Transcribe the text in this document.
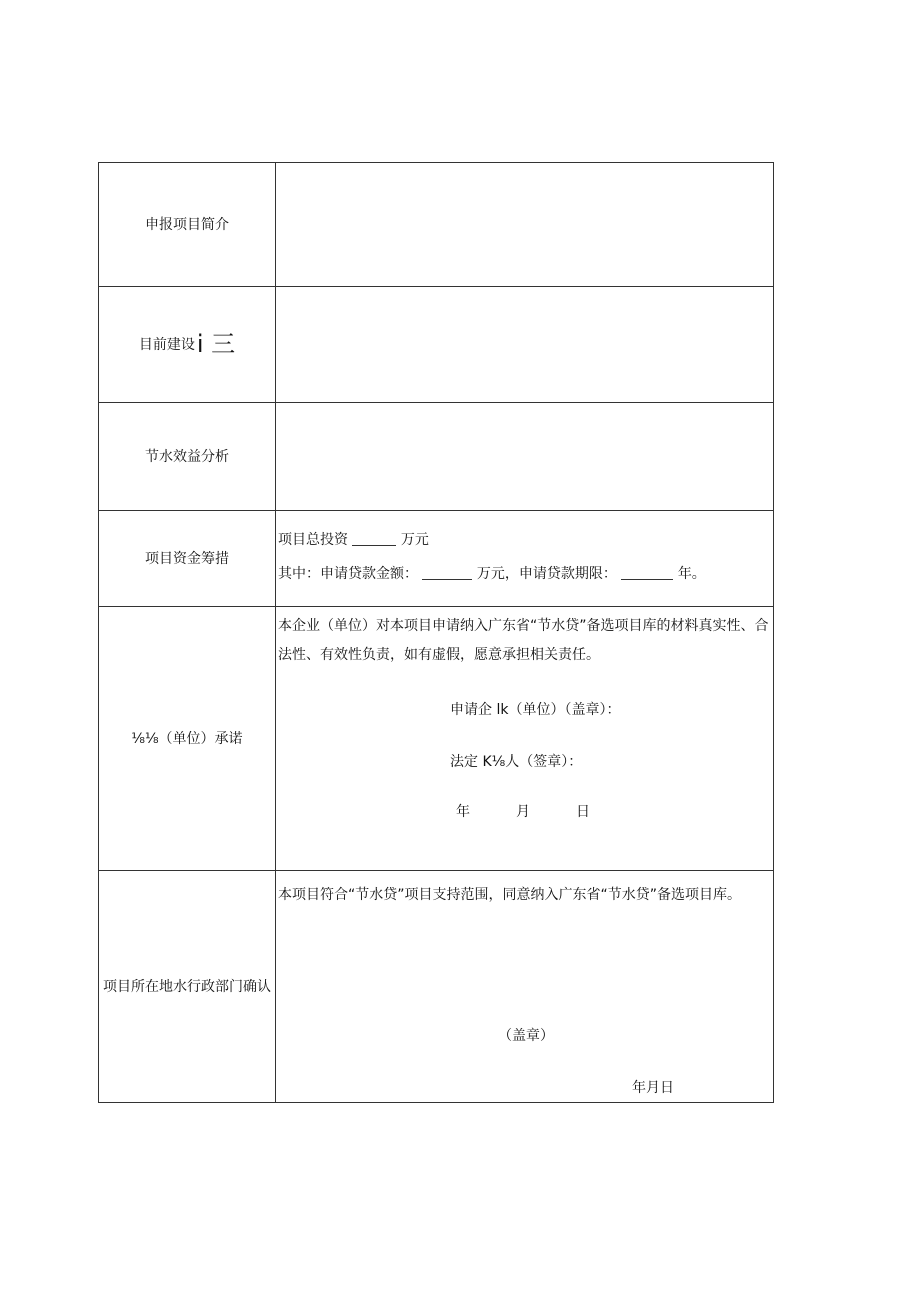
申报项目简介	
目前建设i 三	
节水效益分析	
项目资金筹措	项目总投资 万元

其中：申请贷款金额： 万元，申请贷款期限： 年。

⅛⅛（单位）承诺	本企业（单位）对本项目申请纳入广东省“节水贷”备选项目库的材料真实性、合法性、有效性负责，如有虚假，愿意承担相关责任。

申请企 lk（单位）（盖章）：
法定 K⅛人（签章）：
年 月 日

项目所在地水行政部门确认	本项目符合“节水贷”项目支持范围，同意纳入广东省“节水贷”备选项目库。

（盖章）
年月日
